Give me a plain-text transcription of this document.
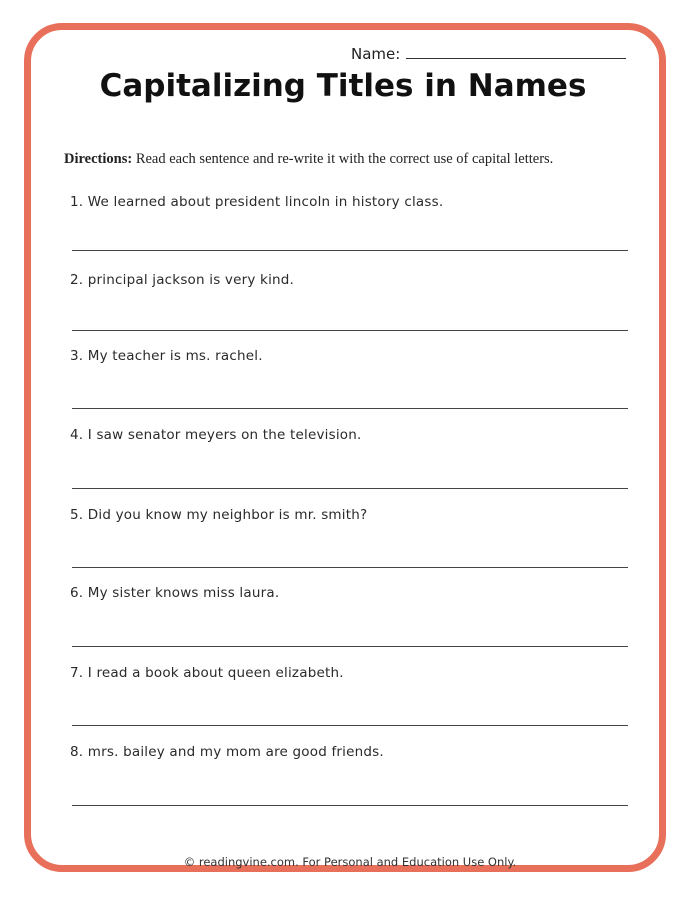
Name:
Capitalizing Titles in Names
Directions: Read each sentence and re-write it with the correct use of capital letters.
1. We learned about president lincoln in history class.
2. principal jackson is very kind.
3. My teacher is ms. rachel.
4. I saw senator meyers on the television.
5. Did you know my neighbor is mr. smith?
6. My sister knows miss laura.
7. I read a book about queen elizabeth.
8. mrs. bailey and my mom are good friends.
© readingvine.com. For Personal and Education Use Only.
